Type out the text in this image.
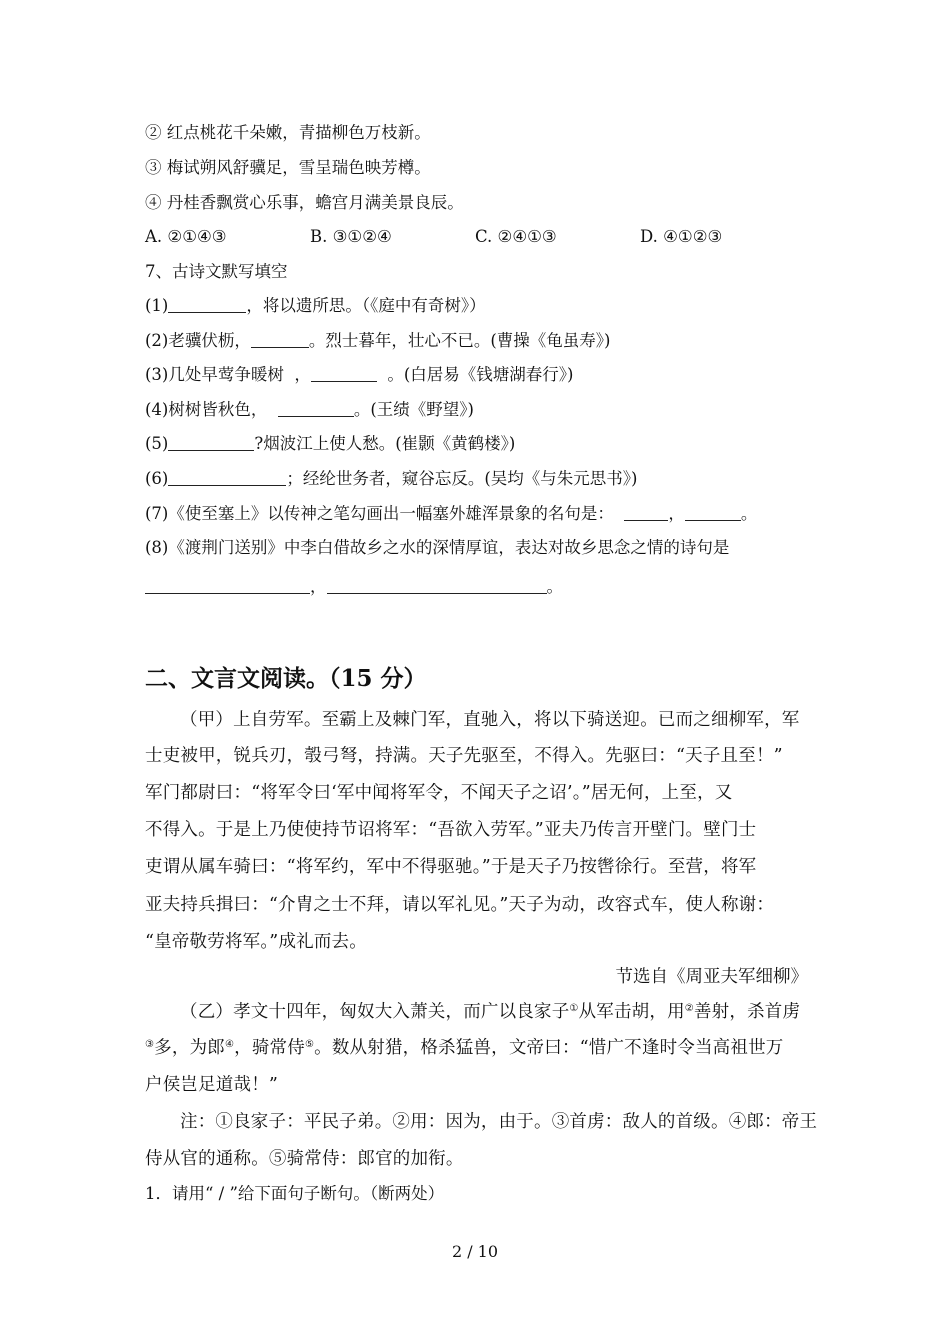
② 红点桃花千朵嫩，青描柳色万枝新。
③ 梅试朔风舒骥足，雪呈瑞色映芳樽。
④ 丹桂香飘赏心乐事，蟾宫月满美景良辰。
A. ②①④③	B. ③①②④	C. ②④①③	D. ④①②③
7、古诗文默写填空
(1)	，将以遗所思。（《庭中有奇树》）
(2)老骥伏枥，	。烈士暮年，壮心不已。(曹操《龟虽寿》)
(3)几处早莺争暖树  ，	。(白居易《钱塘湖春行》)
(4)树树皆秋色，	。(王绩《野望》)
(5)	?烟波江上使人愁。(崔颢《黄鹤楼》)
(6)	；经纶世务者，窥谷忘反。(吴均《与朱元思书》)
(7)《使至塞上》以传神之笔勾画出一幅塞外雄浑景象的名句是：	，	。
(8)《渡荆门送别》中李白借故乡之水的深情厚谊，表达对故乡思念之情的诗句是
，	。
二、文言文阅读。（15 分）
（甲）上自劳军。至霸上及棘门军，直驰入，将以下骑送迎。已而之细柳军，军
士吏被甲，锐兵刃，彀弓弩，持满。天子先驱至，不得入。先驱曰：“天子且至！”
军门都尉曰：“将军令曰‘军中闻将军令，不闻天子之诏’。”居无何，上至，又
不得入。于是上乃使使持节诏将军：“吾欲入劳军。”亚夫乃传言开壁门。壁门士
吏谓从属车骑曰：“将军约，军中不得驱驰。”于是天子乃按辔徐行。至营，将军
亚夫持兵揖曰：“介胄之士不拜，请以军礼见。”天子为动，改容式车，使人称谢：
“皇帝敬劳将军。”成礼而去。
节选自《周亚夫军细柳》
（乙）孝文十四年，匈奴大入萧关，而广以良家子①从军击胡，用②善射，杀首虏
③多，为郎④，骑常侍⑤。数从射猎，格杀猛兽，文帝曰：“惜广不逢时令当高祖世万
户侯岂足道哉！”
注：①良家子：平民子弟。②用：因为，由于。③首虏：敌人的首级。④郎：帝王
侍从官的通称。⑤骑常侍：郎官的加衔。
1．请用“ / ”给下面句子断句。（断两处）
2 / 10
